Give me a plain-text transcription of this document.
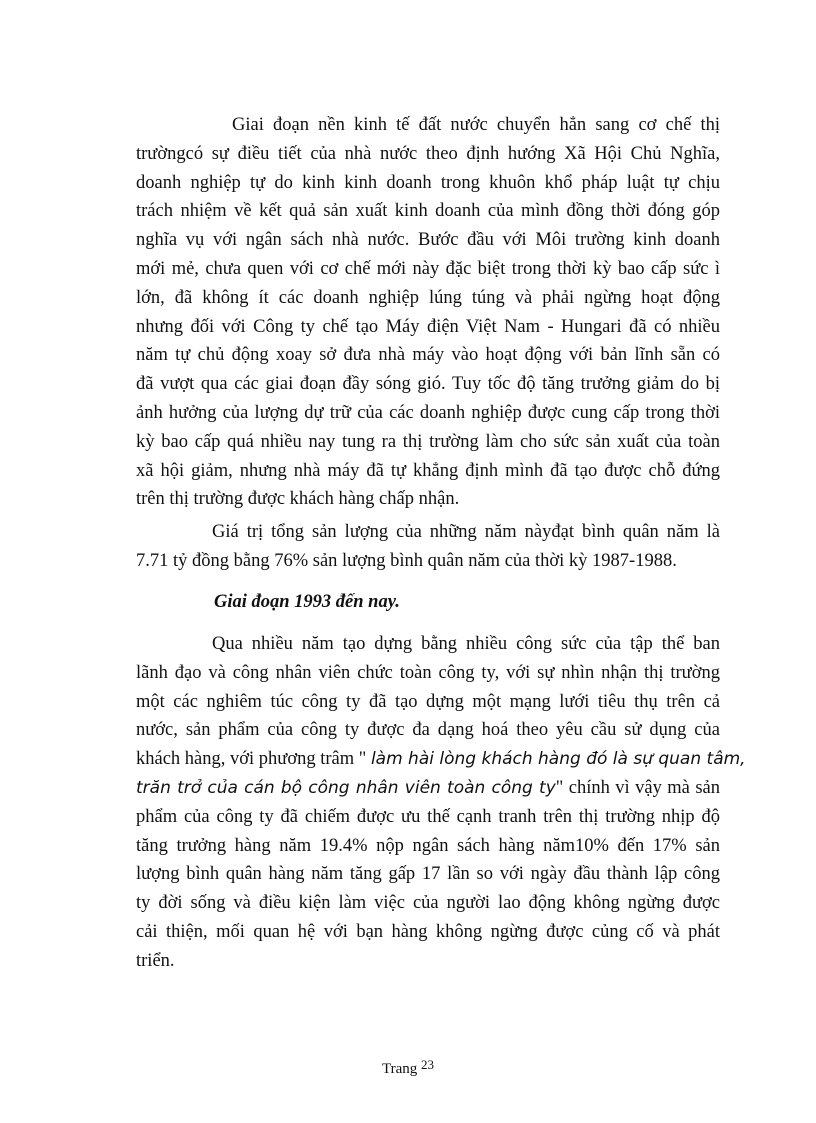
Giai đoạn nền kinh tế đất nước chuyển hẳn sang cơ chế thị
trườngcó sự điều tiết của nhà nước theo định hướng Xã Hội Chủ Nghĩa,
doanh nghiệp tự do kinh kinh doanh trong khuôn khổ pháp luật tự chịu
trách nhiệm về kết quả sản xuất kinh doanh của mình đồng thời đóng góp
nghĩa vụ với ngân sách nhà nước. Bước đầu với Môi trường kinh doanh
mới mẻ, chưa quen với cơ chế mới này đặc biệt trong thời kỳ bao cấp sức ì
lớn, đã không ít các doanh nghiệp lúng túng và phải ngừng hoạt động
nhưng đối với Công ty chế tạo Máy điện Việt Nam - Hungari đã có nhiều
năm tự chủ động xoay sở đưa nhà máy vào hoạt động với bản lĩnh sẵn có
đã vượt qua các giai đoạn đầy sóng gió. Tuy tốc độ tăng trưởng giảm do bị
ảnh hưởng của lượng dự trữ của các doanh nghiệp được cung cấp trong thời
kỳ bao cấp quá nhiều nay tung ra thị trường làm cho sức sản xuất của toàn
xã hội giảm, nhưng nhà máy đã tự khẳng định mình đã tạo được chỗ đứng
trên thị trường được khách hàng chấp nhận.
Giá trị tổng sản lượng của những năm nàyđạt bình quân năm là
7.71 tỷ đồng bằng 76% sản lượng bình quân năm của thời kỳ 1987-1988.
Giai đoạn 1993 đến nay.
Qua nhiều năm tạo dựng bằng nhiều công sức của tập thể ban
lãnh đạo và công nhân viên chức toàn công ty, với sự nhìn nhận thị trường
một các nghiêm túc công ty đã tạo dựng một mạng lưới tiêu thụ trên cả
nước, sản phẩm của công ty được đa dạng hoá theo yêu cầu sử dụng của
khách hàng, với phương trâm " làm hài lòng khách hàng đó là sự quan tâm,
trăn trở của cán bộ công nhân viên toàn công ty" chính vì vậy mà sản
phẩm của công ty đã chiếm được ưu thế cạnh tranh trên thị trường nhịp độ
tăng trưởng hàng năm 19.4% nộp ngân sách hàng năm10% đến 17% sản
lượng bình quân hàng năm tăng gấp 17 lần so với ngày đầu thành lập công
ty đời sống và điều kiện làm việc của người lao động không ngừng được
cải thiện, mối quan hệ với bạn hàng không ngừng được củng cố và phát
triển.
Trang 23
